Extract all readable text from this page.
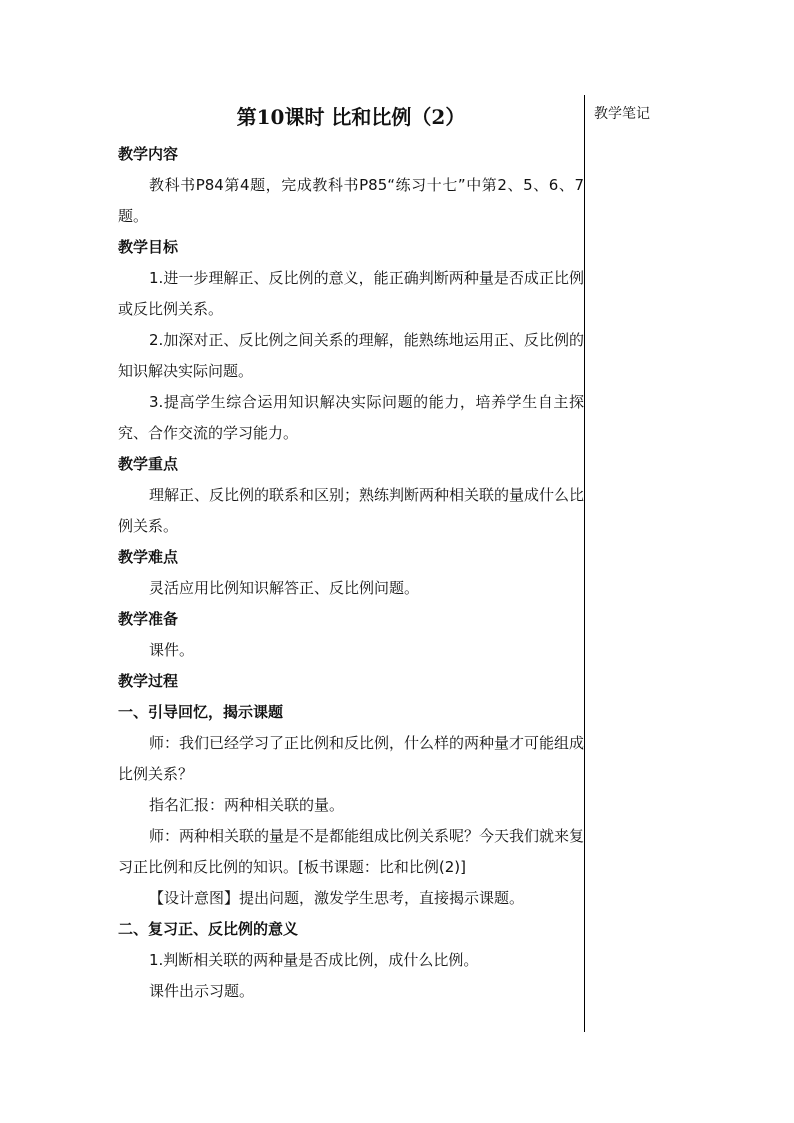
教学笔记
第10课时 比和比例（2）

教学内容

教科书P84第4题，完成教科书P85“练习十七”中第2、5、6、7题。

教学目标

1.进一步理解正、反比例的意义，能正确判断两种量是否成正比例或反比例关系。

2.加深对正、反比例之间关系的理解，能熟练地运用正、反比例的知识解决实际问题。

3.提高学生综合运用知识解决实际问题的能力，培养学生自主探究、合作交流的学习能力。

教学重点

理解正、反比例的联系和区别；熟练判断两种相关联的量成什么比例关系。

教学难点

灵活应用比例知识解答正、反比例问题。

教学准备

课件。

教学过程

一、引导回忆，揭示课题

师：我们已经学习了正比例和反比例，什么样的两种量才可能组成比例关系？

指名汇报：两种相关联的量。

师：两种相关联的量是不是都能组成比例关系呢？今天我们就来复习正比例和反比例的知识。[板书课题：比和比例(2)]

【设计意图】提出问题，激发学生思考，直接揭示课题。

二、复习正、反比例的意义

1.判断相关联的两种量是否成比例，成什么比例。

课件出示习题。
